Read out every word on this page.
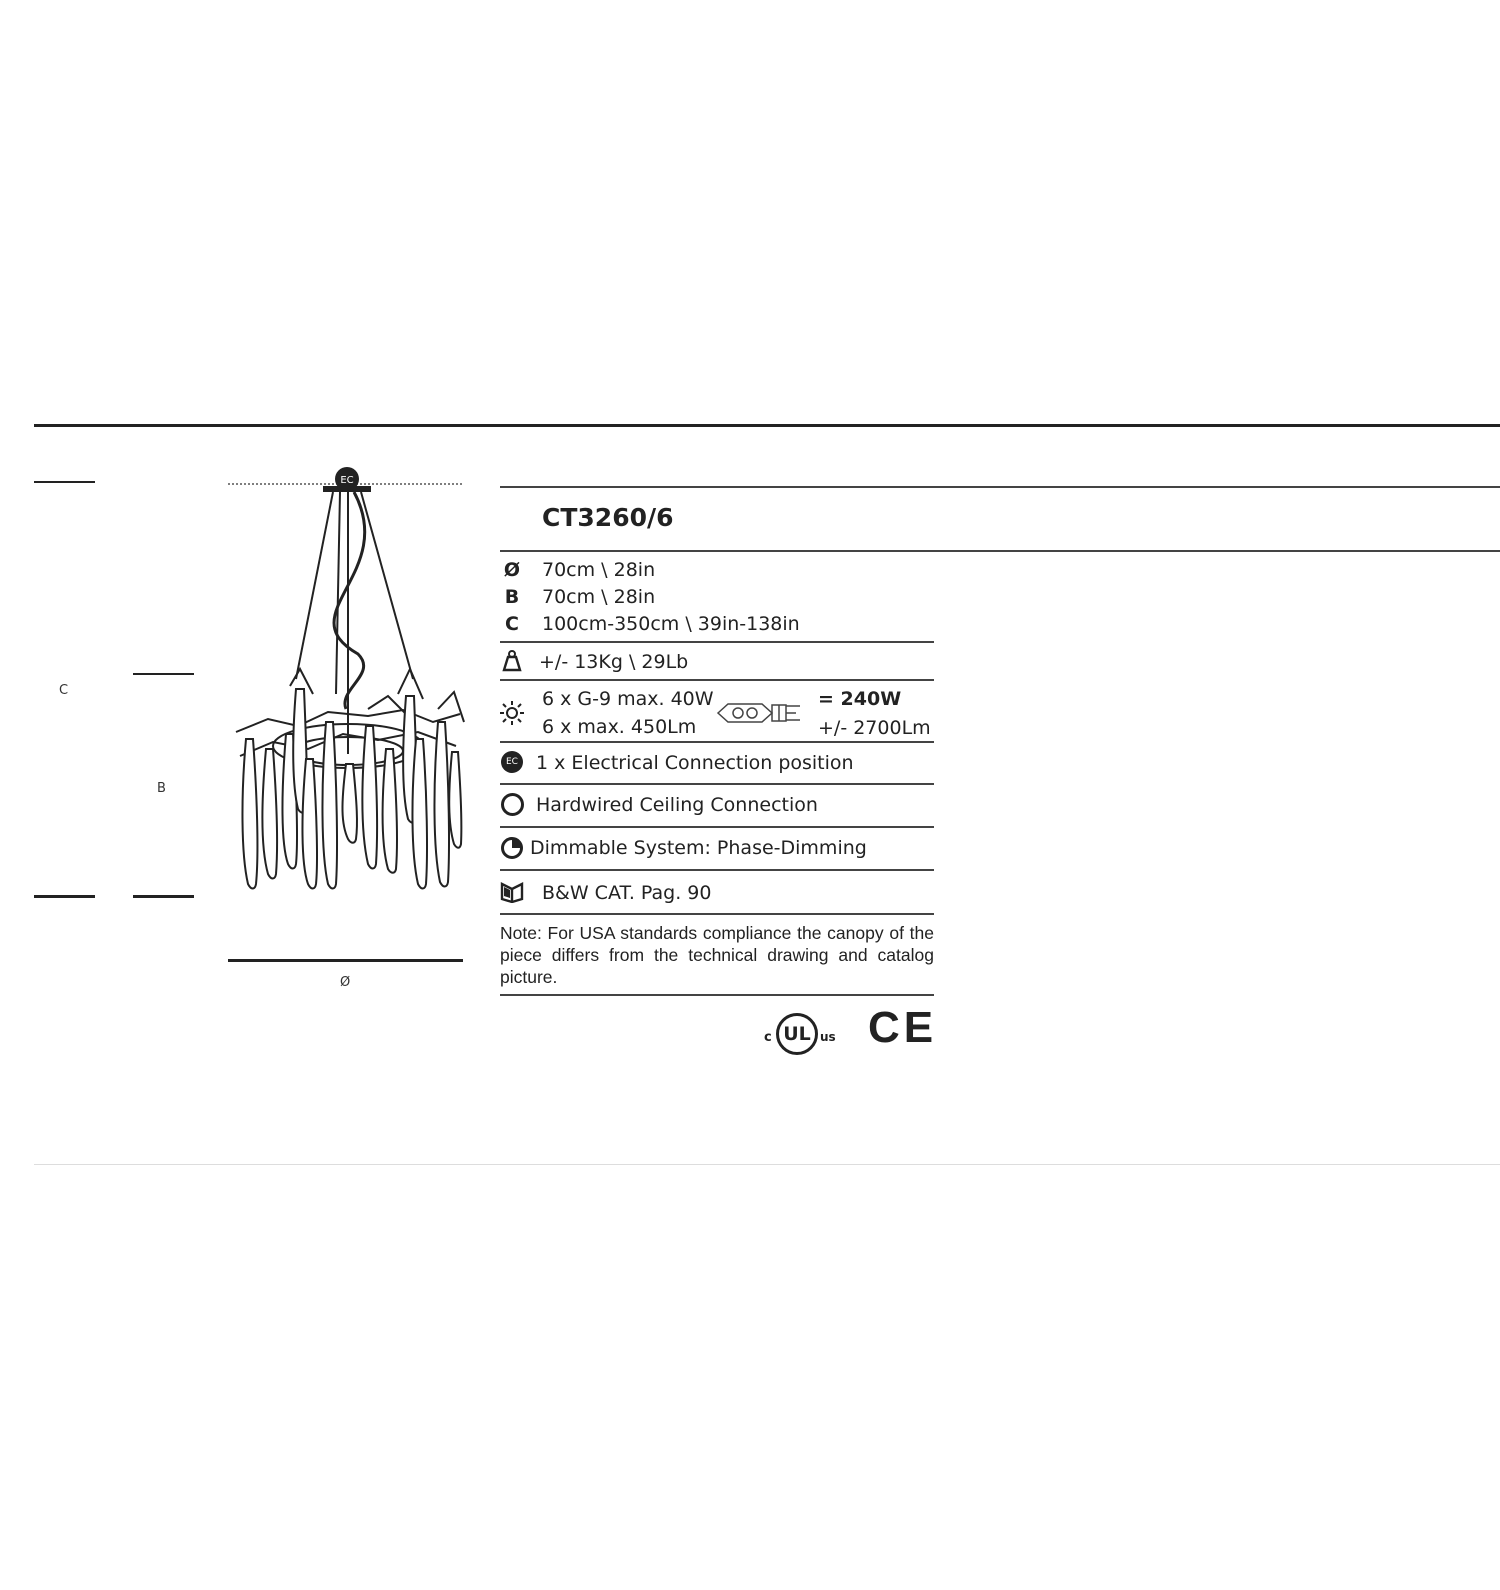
C
B
Ø
EC
CT3260/6
Ø 70cm \ 28in
B 70cm \ 28in
C 100cm-350cm \ 39in-138in
+/- 13Kg \ 29Lb
6 x G-9 max. 40W
6 x max. 450Lm
= 240W
+/- 2700Lm
EC 1 x Electrical Connection position
Hardwired Ceiling Connection
Dimmable System: Phase-Dimming
B&W CAT. Pag. 90
Note: For USA standards compliance the canopy of the piece differs from the technical drawing and catalog picture.
c UL us CE
